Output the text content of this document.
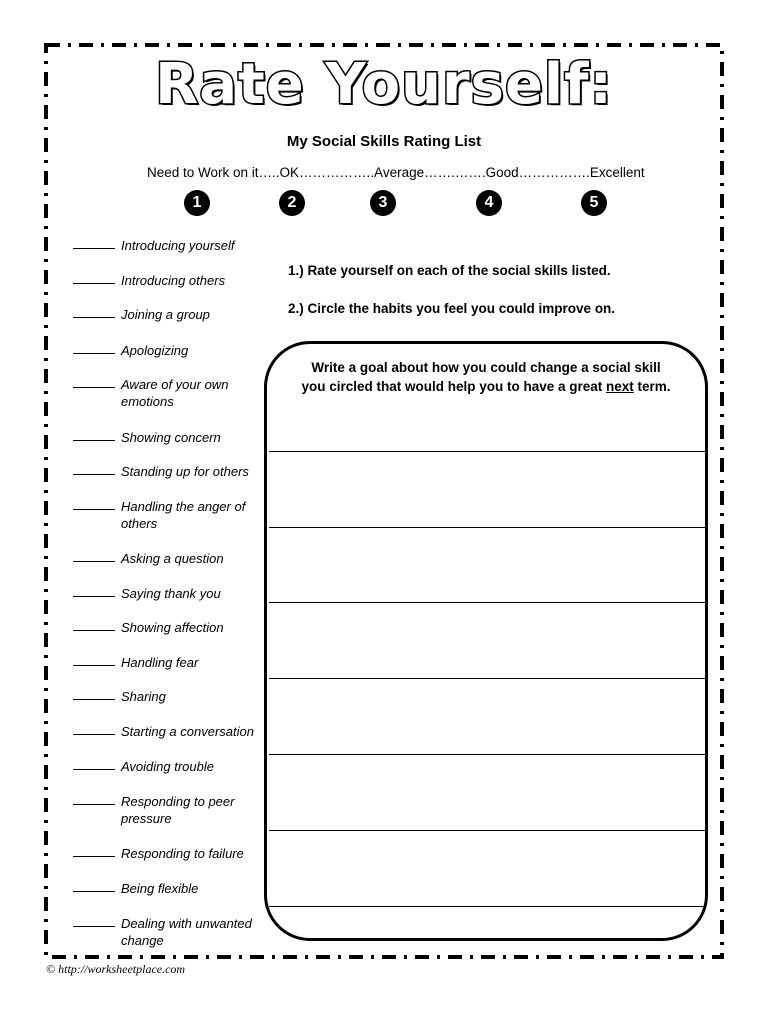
Rate Yourself:
My Social Skills Rating List
Need to Work on it…..OK……………..Average…….…….Good…………….Excellent
1	2	3	4	5
Introducing yourself
Introducing others
Joining a group
Apologizing
Aware of your own emotions
Showing concern
Standing up for others
Handling the anger of others
Asking a question
Saying thank you
Showing affection
Handling fear
Sharing
Starting a conversation
Avoiding trouble
Responding to peer pressure
Responding to failure
Being flexible
Dealing with unwanted change
1.) Rate yourself on each of the social skills listed.
2.) Circle the habits you feel you could improve on.
Write a goal about how you could change a social skill
you circled that would help you to have a great next term.
© http://worksheetplace.com
